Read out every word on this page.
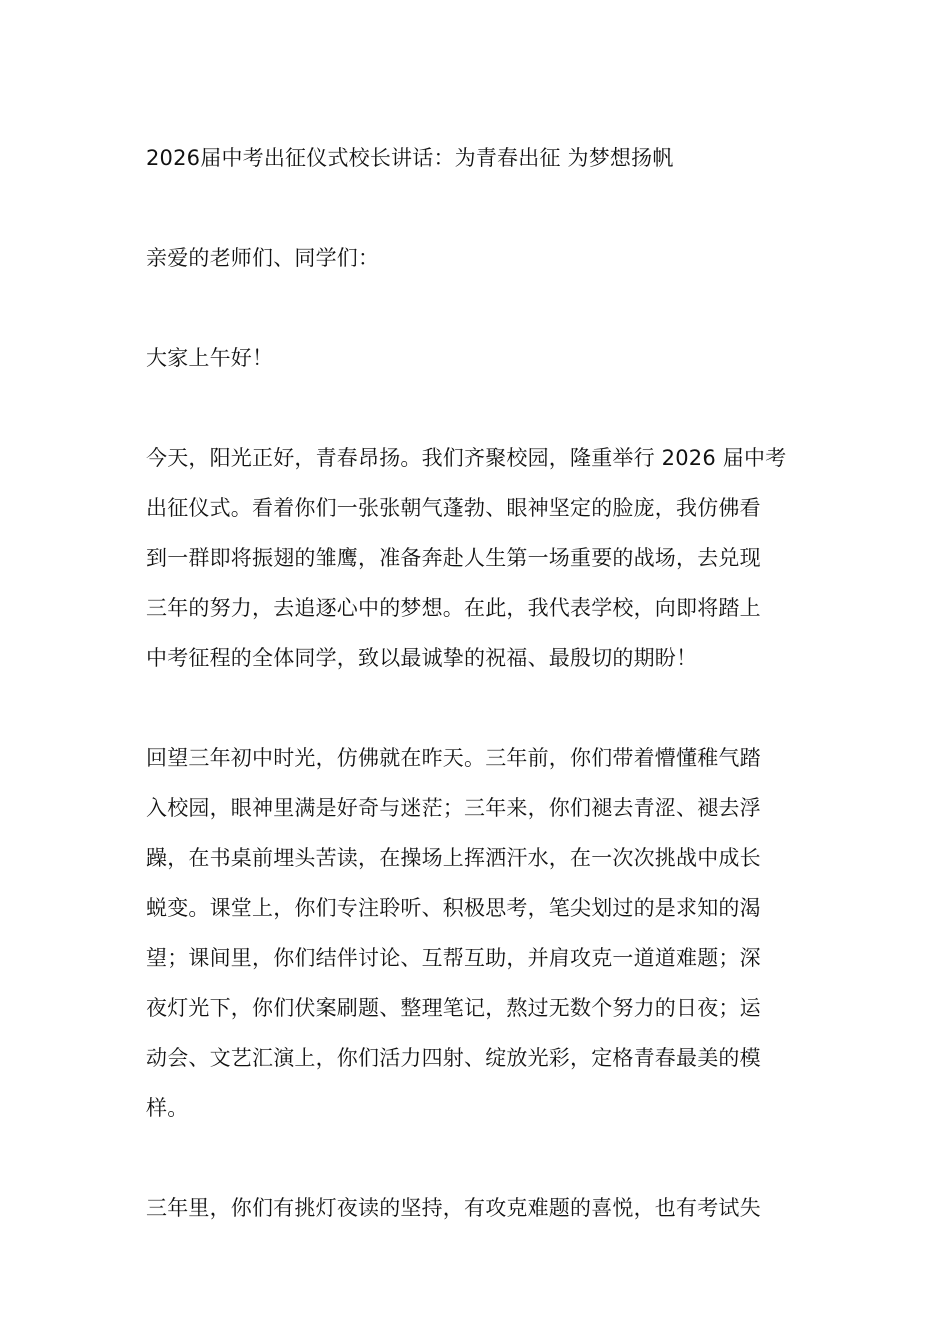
2026届中考出征仪式校长讲话：为青春出征 为梦想扬帆
亲爱的老师们、同学们：
大家上午好！
今天，阳光正好，青春昂扬。我们齐聚校园，隆重举行 2026 届中考
出征仪式。看着你们一张张朝气蓬勃、眼神坚定的脸庞，我仿佛看
到一群即将振翅的雏鹰，准备奔赴人生第一场重要的战场，去兑现
三年的努力，去追逐心中的梦想。在此，我代表学校，向即将踏上
中考征程的全体同学，致以最诚挚的祝福、最殷切的期盼！
回望三年初中时光，仿佛就在昨天。三年前，你们带着懵懂稚气踏
入校园，眼神里满是好奇与迷茫；三年来，你们褪去青涩、褪去浮
躁，在书桌前埋头苦读，在操场上挥洒汗水，在一次次挑战中成长
蜕变。课堂上，你们专注聆听、积极思考，笔尖划过的是求知的渴
望；课间里，你们结伴讨论、互帮互助，并肩攻克一道道难题；深
夜灯光下，你们伏案刷题、整理笔记，熬过无数个努力的日夜；运
动会、文艺汇演上，你们活力四射、绽放光彩，定格青春最美的模
样。
三年里，你们有挑灯夜读的坚持，有攻克难题的喜悦，也有考试失
